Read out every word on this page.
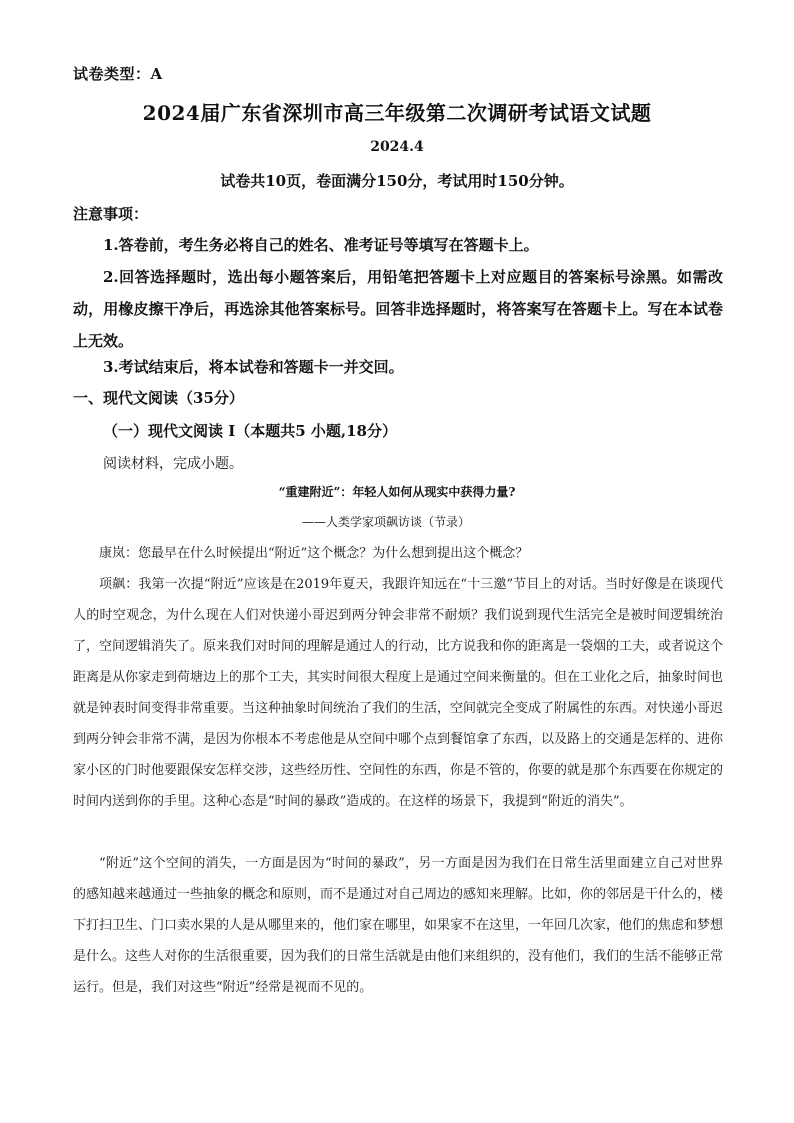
试卷类型：A
2024届广东省深圳市高三年级第二次调研考试语文试题
2024.4
试卷共10页，卷面满分150分，考试用时150分钟。
注意事项：
1.答卷前，考生务必将自己的姓名、准考证号等填写在答题卡上。
2.回答选择题时，选出每小题答案后，用铅笔把答题卡上对应题目的答案标号涂黑。如需改动，用橡皮擦干净后，再选涂其他答案标号。回答非选择题时，将答案写在答题卡上。写在本试卷上无效。
3.考试结束后，将本试卷和答题卡一并交回。
一、现代文阅读（35分）
（一）现代文阅读 I（本题共5 小题,18分）
阅读材料，完成小题。
“重建附近”：年轻人如何从现实中获得力量?
——人类学家项飙访谈（节录）
康岚：您最早在什么时候提出“附近”这个概念？为什么想到提出这个概念？
项飙：我第一次提“附近”应该是在2019年夏天，我跟许知远在“十三邀”节目上的对话。当时好像是在谈现代人的时空观念，为什么现在人们对快递小哥迟到两分钟会非常不耐烦？我们说到现代生活完全是被时间逻辑统治了，空间逻辑消失了。原来我们对时间的理解是通过人的行动，比方说我和你的距离是一袋烟的工夫，或者说这个距离是从你家走到荷塘边上的那个工夫，其实时间很大程度上是通过空间来衡量的。但在工业化之后，抽象时间也就是钟表时间变得非常重要。当这种抽象时间统治了我们的生活，空间就完全变成了附属性的东西。对快递小哥迟到两分钟会非常不满，是因为你根本不考虑他是从空间中哪个点到餐馆拿了东西，以及路上的交通是怎样的、进你家小区的门时他要跟保安怎样交涉，这些经历性、空间性的东西，你是不管的，你要的就是那个东西要在你规定的时间内送到你的手里。这种心态是“时间的暴政”造成的。在这样的场景下，我提到“附近的消失”。
“附近”这个空间的消失，一方面是因为“时间的暴政”，另一方面是因为我们在日常生活里面建立自己对世界的感知越来越通过一些抽象的概念和原则，而不是通过对自己周边的感知来理解。比如，你的邻居是干什么的，楼下打扫卫生、门口卖水果的人是从哪里来的，他们家在哪里，如果家不在这里，一年回几次家，他们的焦虑和梦想是什么。这些人对你的生活很重要，因为我们的日常生活就是由他们来组织的，没有他们，我们的生活不能够正常运行。但是，我们对这些“附近”经常是视而不见的。
